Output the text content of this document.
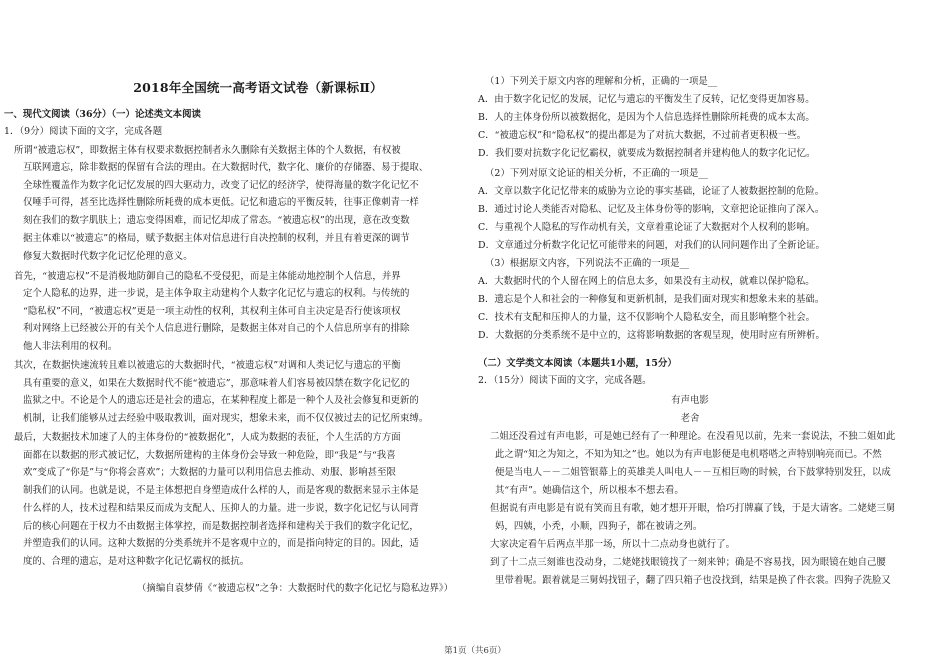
2018年全国统一高考语文试卷（新课标Ⅱ）
一、现代文阅读（36分）（一）论述类文本阅读
1．（9分）阅读下面的文字，完成各题
所谓“被遗忘权”，即数据主体有权要求数据控制者永久删除有关数据主体的个人数据，有权被
互联网遗忘，除非数据的保留有合法的理由。在大数据时代，数字化、廉价的存储器、易于提取、
全球性覆盖作为数字化记忆发展的四大驱动力，改变了记忆的经济学，使得海量的数字化记忆不
仅唾手可得，甚至比选择性删除所耗费的成本更低。记忆和遗忘的平衡反转，往事正像刺青一样
刻在我们的数字肌肤上；遗忘变得困难，而记忆却成了常态。“被遗忘权”的出现，意在改变数
据主体难以“被遗忘”的格局，赋予数据主体对信息进行自决控制的权利，并且有着更深的调节
修复大数据时代数字化记忆伦理的意义。
首先，“被遗忘权”不是消极地防御自己的隐私不受侵犯，而是主体能动地控制个人信息，并界
定个人隐私的边界，进一步说，是主体争取主动建构个人数字化记忆与遗忘的权利。与传统的
“隐私权”不同，“被遗忘权”更是一项主动性的权利，其权利主体可自主决定是否行使该项权
利对网络上已经被公开的有关个人信息进行删除，是数据主体对自己的个人信息所享有的排除
他人非法利用的权利。
其次，在数据快速流转且难以被遗忘的大数据时代，“被遗忘权”对调和人类记忆与遗忘的平衡
具有重要的意义，如果在大数据时代不能“被遗忘”，那意味着人们容易被囚禁在数字化记忆的
监狱之中。不论是个人的遗忘还是社会的遗忘，在某种程度上都是一种个人及社会修复和更新的
机制，让我们能够从过去经验中吸取教训，面对现实，想象未来，而不仅仅被过去的记忆所束缚。
最后，大数据技术加速了人的主体身份的“被数据化”，人成为数据的表征，个人生活的方方面
面都在以数据的形式被记忆，大数据所建构的主体身份会导致一种危险，即“我是”与“我喜
欢”变成了“你是”与“你将会喜欢”；大数据的力量可以利用信息去推动、劝服、影响甚至限
制我们的认同。也就是说，不是主体想把自身塑造成什么样的人，而是客观的数据来显示主体是
什么样的人，技术过程和结果反而成为支配人、压抑人的力量。进一步说，数字化记忆与认同背
后的核心问题在于权力不由数据主体掌控，而是数据控制者选择和建构关于我们的数字化记忆，
并塑造我们的认同。这种大数据的分类系统并不是客观中立的，而是指向特定的目的。因此，适
度的、合理的遗忘，是对这种数字化记忆霸权的抵抗。
（摘编自袁梦倩《“被遗忘权”之争：大数据时代的数字化记忆与隐私边界》）
（1）下列关于原文内容的理解和分析，正确的一项是__
A．由于数字化记忆的发展，记忆与遗忘的平衡发生了反转，记忆变得更加容易。
B．人的主体身份所以被数据化，是因为个人信息选择性删除所耗费的成本太高。
C．“被遗忘权”和“隐私权”的提出都是为了对抗大数据，不过前者更积极一些。
D．我们要对抗数字化记忆霸权，就要成为数据控制者并建构他人的数字化记忆。
（2）下列对原文论证的相关分析，不正确的一项是__
A．文章以数字化记忆带来的威胁为立论的事实基础，论证了人被数据控制的危险。
B．通过讨论人类能否对隐私、记忆及主体身份等的影响，文章把论证推向了深入。
C．与重视个人隐私的写作动机有关，文章着重论证了大数据对个人权利的影响。
D．文章通过分析数字化记忆可能带来的问题，对我们的认同问题作出了全新论证。
（3）根据原文内容，下列说法不正确的一项是__
A．大数据时代的个人留在网上的信息太多，如果没有主动权，就难以保护隐私。
B．遗忘是个人和社会的一种修复和更新机制，是我们面对现实和想象未来的基础。
C．技术有支配和压抑人的力量，这不仅影响个人隐私安全，而且影响整个社会。
D．大数据的分类系统不是中立的，这将影响数据的客观呈现，使用时应有所辨析。
（二）文学类文本阅读（本题共1小题，15分）
2．（15分）阅读下面的文字，完成各题。
有声电影
老舍
二姐还没看过有声电影，可是她已经有了一种理论。在没看见以前，先来一套说法，不独二姐如此
此之谓“知之为知之，不知为知之”也。她以为有声电影便是电机嗒嗒之声特别响亮而已。不然
便是当电人－－二姐管银幕上的英雄美人叫电人－－互相巨吻的时候，台下鼓掌特别发狂，以成
其“有声”。她确信这个，所以根本不想去看。
但据说有声电影是有说有笑而且有歌，她才想开开眼，恰巧打牌赢了钱，于是大请客。二姥姥三舅
妈，四姨，小秃，小顺，四狗子，都在被请之列。
大家决定看午后两点半那一场，所以十二点动身也就行了。
到了十二点三刻谁也没动身，二姥姥找眼镜找了一刻来钟；确是不容易找，因为眼镜在她自己腰
里带着呢。跟着就是三舅妈找钮子，翻了四只箱子也没找到，结果是换了件衣裳。四狗子洗脸又
第1页（共6页）
